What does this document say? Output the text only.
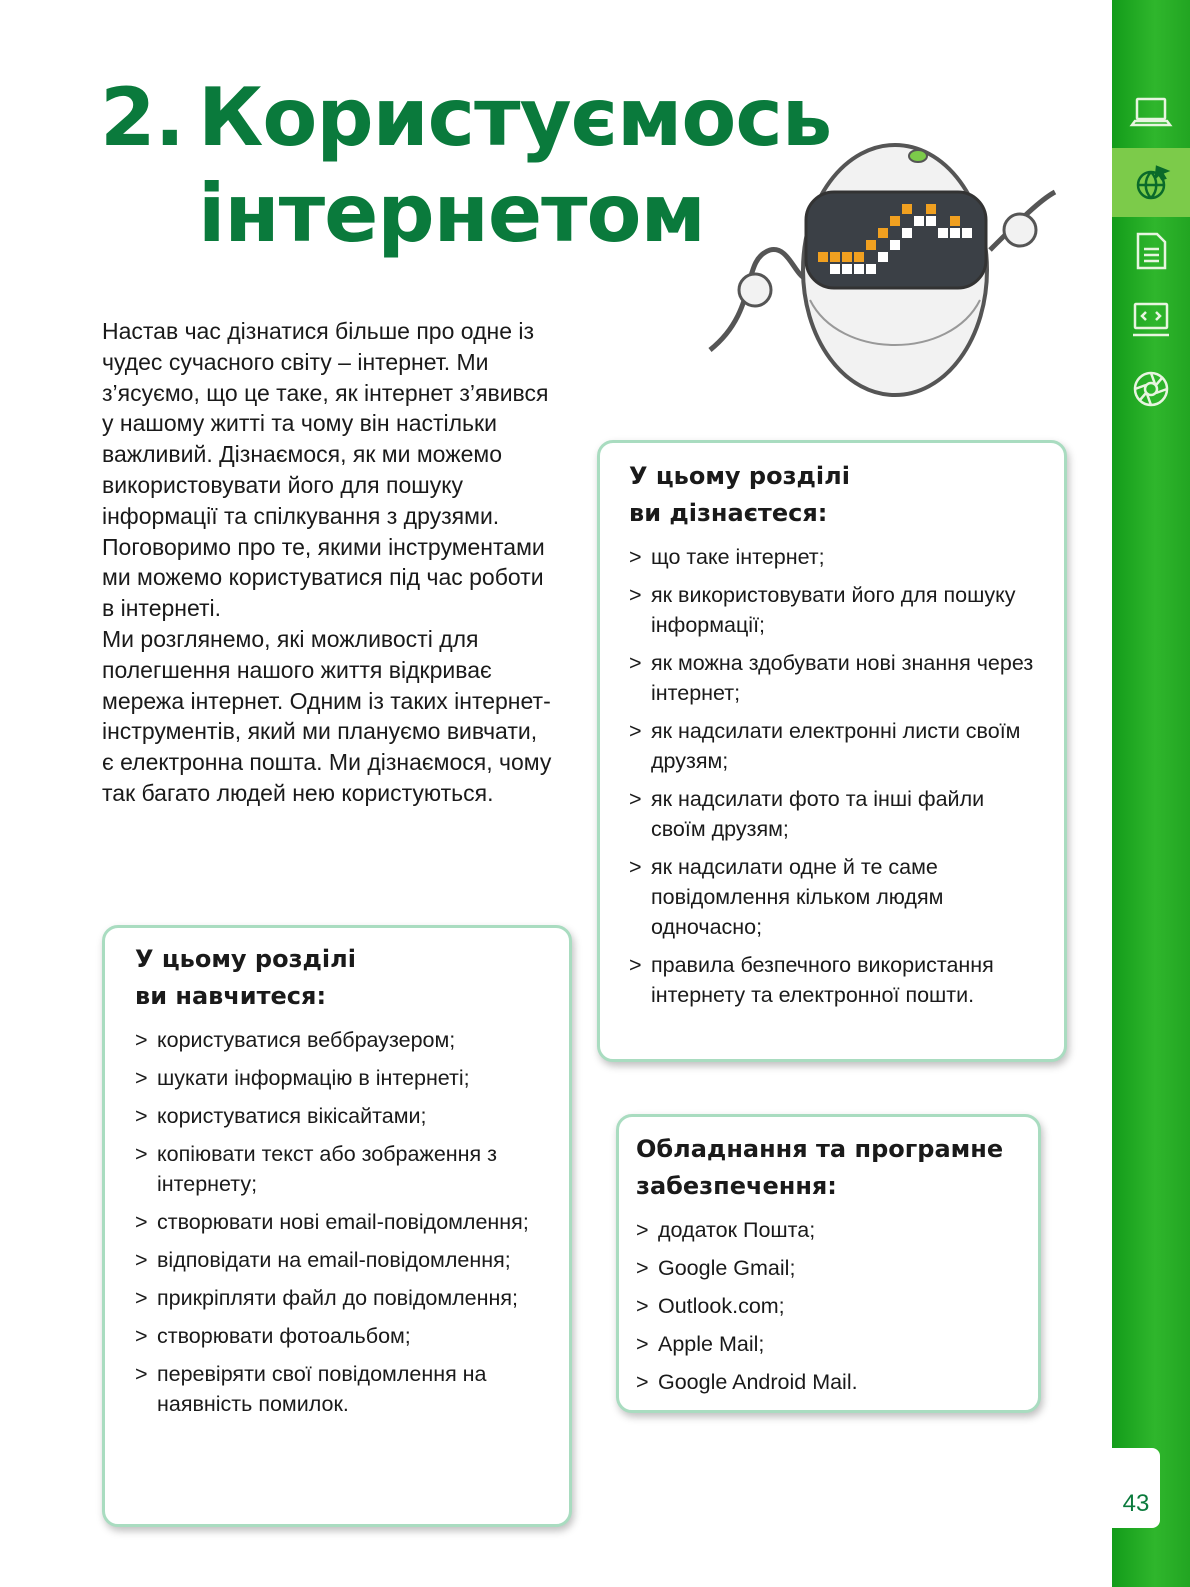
2. Користуємось
інтернетом

Настав час дізнатися більше про одне із чудес сучасного світу – інтернет. Ми з’ясуємо, що це таке, як інтернет з’явився у нашому житті та чому він настільки важливий. Дізнаємося, як ми можемо використовувати його для пошуку інформації та спілкування з друзями. Поговоримо про те, якими інструментами ми можемо користуватися під час роботи в інтернеті.

Ми розглянемо, які можливості для полегшення нашого життя відкриває мережа інтернет. Одним із таких інтернет-інструментів, який ми плануємо вивчати, є електронна пошта. Ми дізнаємося, чому так багато людей нею користуються.

У цьому розділі
ви дізнаєтеся:
> що таке інтернет;
> як використовувати його для пошуку інформації;
> як можна здобувати нові знання через інтернет;
> як надсилати електронні листи своїм друзям;
> як надсилати фото та інші файли своїм друзям;
> як надсилати одне й те саме повідомлення кільком людям одночасно;
> правила безпечного використання інтернету та електронної пошти.
У цьому розділі
ви навчитеся:
> користуватися веббраузером;
> шукати інформацію в інтернеті;
> користуватися вікісайтами;
> копіювати текст або зображення з інтернету;
> створювати нові email-повідомлення;
> відповідати на email-повідомлення;
> прикріпляти файл до повідомлення;
> створювати фотоальбом;
> перевіряти свої повідомлення на наявність помилок.
Обладнання та програмне
забезпечення:
> додаток Пошта;
> Google Gmail;
> Outlook.com;
> Apple Mail;
> Google Android Mail.
43
